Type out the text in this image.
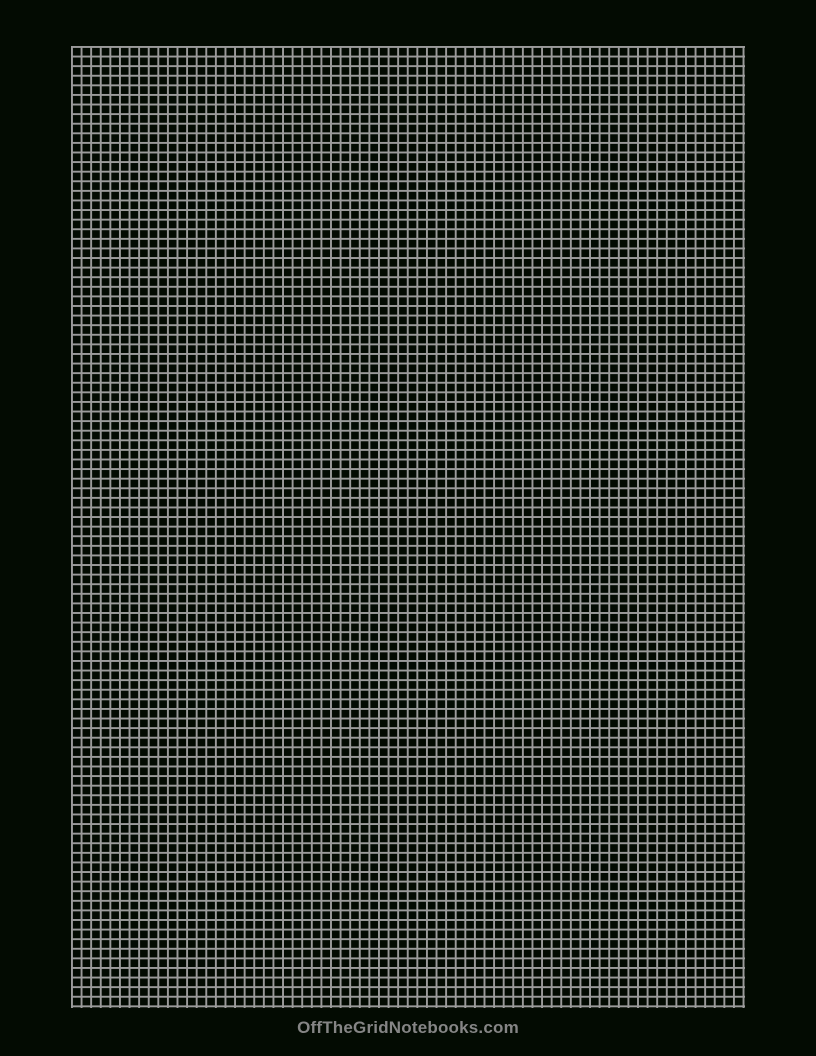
OffTheGridNotebooks.com
